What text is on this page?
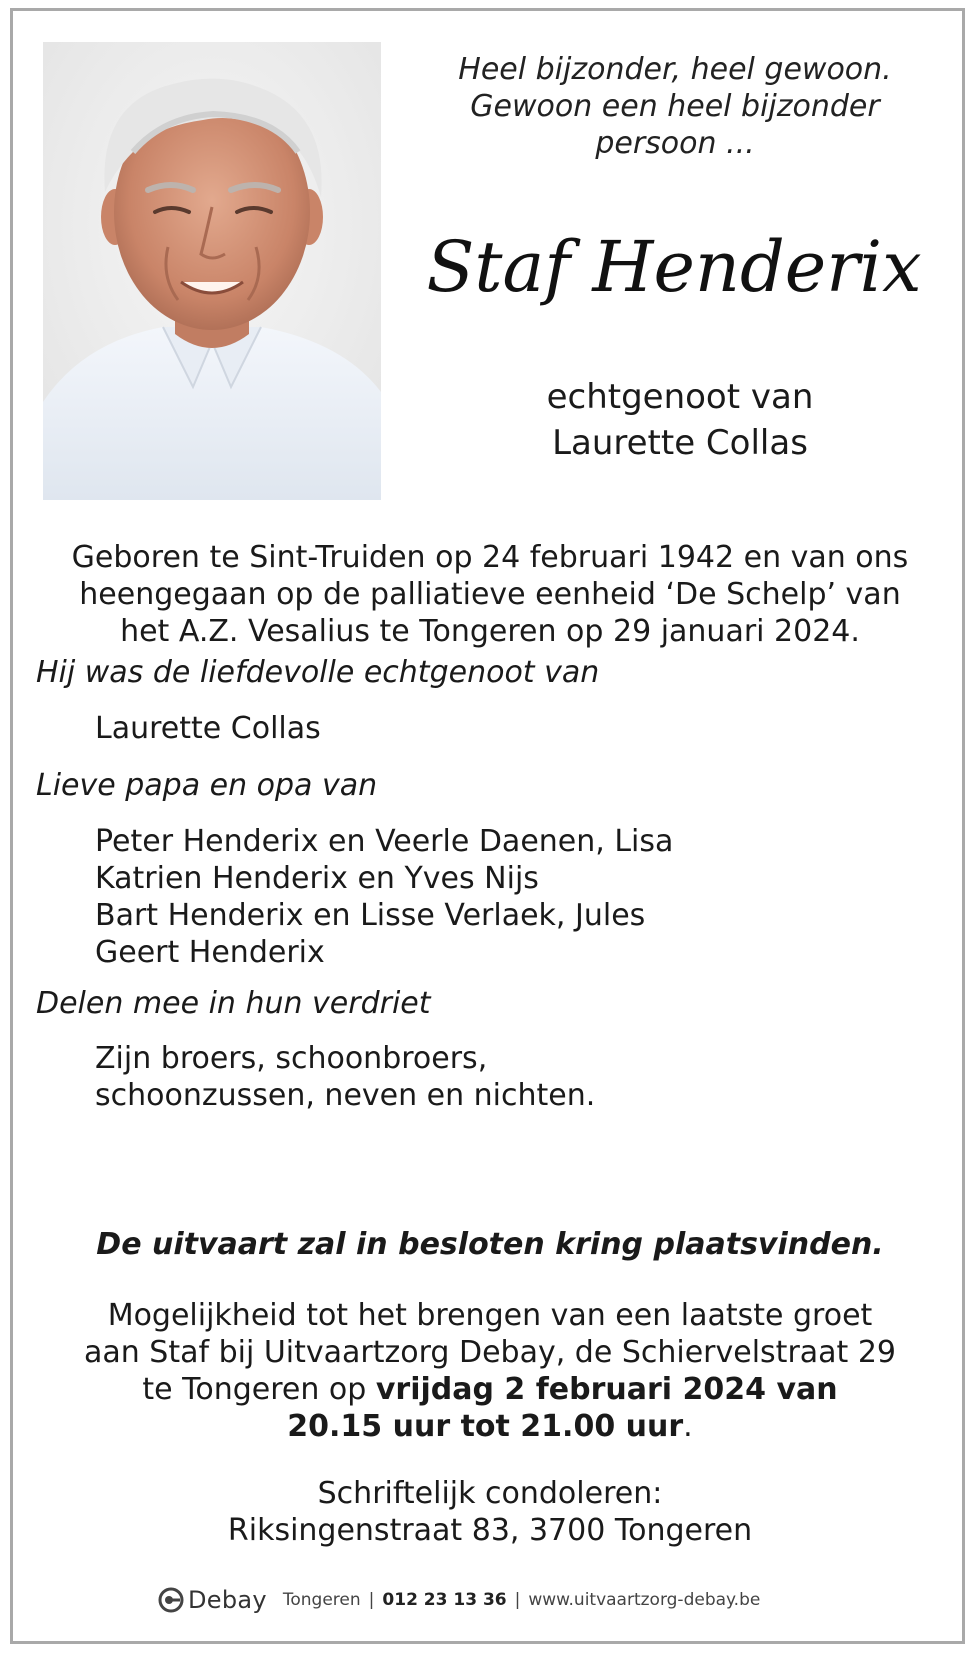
Heel bijzonder, heel gewoon.
Gewoon een heel bijzonder
persoon ...
Staf Henderix
echtgenoot van
Laurette Collas
Geboren te Sint-Truiden op 24 februari 1942 en van ons
heengegaan op de palliatieve eenheid ‘De Schelp’ van
het A.Z. Vesalius te Tongeren op 29 januari 2024.
Hij was de liefdevolle echtgenoot van
Laurette Collas
Lieve papa en opa van
Peter Henderix en Veerle Daenen, Lisa
Katrien Henderix en Yves Nijs
Bart Henderix en Lisse Verlaek, Jules
Geert Henderix
Delen mee in hun verdriet
Zijn broers, schoonbroers,
schoonzussen, neven en nichten.
De uitvaart zal in besloten kring plaatsvinden.
Mogelijkheid tot het brengen van een laatste groet
aan Staf bij Uitvaartzorg Debay, de Schiervelstraat 29
te Tongeren op vrijdag 2 februari 2024 van
20.15 uur tot 21.00 uur.
Schriftelijk condoleren:
Riksingenstraat 83, 3700 Tongeren
Debay Tongeren | 012 23 13 36 | www.uitvaartzorg-debay.be
